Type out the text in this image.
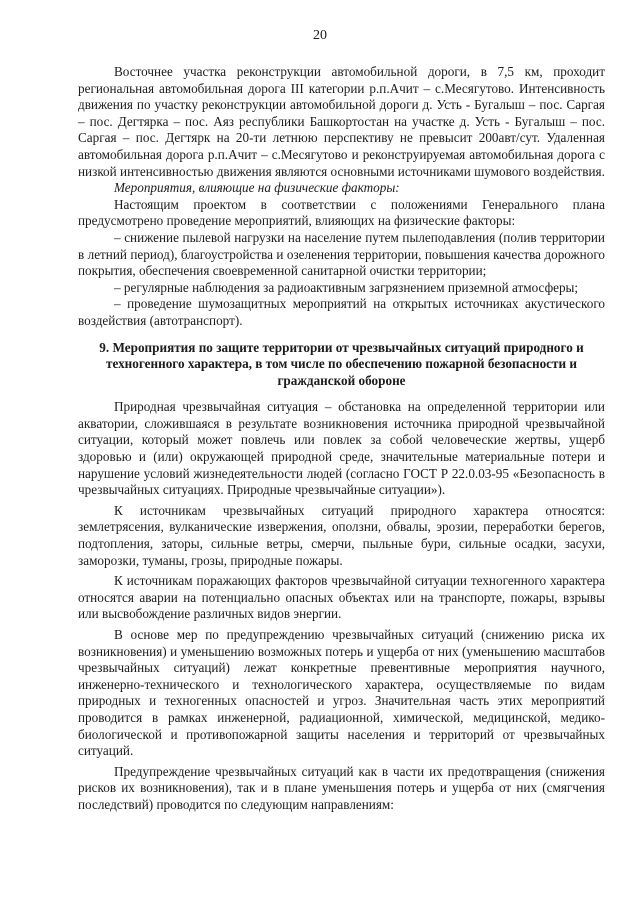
20

Восточнее участка реконструкции автомобильной дороги, в 7,5 км, проходит региональная автомобильная дорога III категории р.п.Ачит – с.Месягутово. Интенсивность движения по участку реконструкции автомобильной дороги д. Усть - Бугалыш – пос. Саргая – пос. Дегтярка – пос. Аяз республики Башкортостан на участке д. Усть - Бугалыш – пос. Саргая – пос. Дегтярк на 20-ти летнюю перспективу не превысит 200авт/сут. Удаленная автомобильная дорога р.п.Ачит – с.Месягутово и реконструируемая автомобильная дорога с низкой интенсивностью движения являются основными источниками шумового воздействия.

Мероприятия, влияющие на физические факторы:

Настоящим проектом в соответствии с положениями Генерального плана предусмотрено проведение мероприятий, влияющих на физические факторы:

– снижение пылевой нагрузки на население путем пылеподавления (полив территории в летний период), благоустройства и озеленения территории, повышения качества дорожного покрытия, обеспечения своевременной санитарной очистки территории;

– регулярные наблюдения за радиоактивным загрязнением приземной атмосферы;

– проведение шумозащитных мероприятий на открытых источниках акустического воздействия (автотранспорт).

9. Мероприятия по защите территории от чрезвычайных ситуаций природного и техногенного характера, в том числе по обеспечению пожарной безопасности и гражданской обороне

Природная чрезвычайная ситуация – обстановка на определенной территории или акватории, сложившаяся в результате возникновения источника природной чрезвычайной ситуации, который может повлечь или повлек за собой человеческие жертвы, ущерб здоровью и (или) окружающей природной среде, значительные материальные потери и нарушение условий жизнедеятельности людей (согласно ГОСТ Р 22.0.03-95 «Безопасность в чрезвычайных ситуациях. Природные чрезвычайные ситуации»).

К источникам чрезвычайных ситуаций природного характера относятся: землетрясения, вулканические извержения, оползни, обвалы, эрозии, переработки берегов, подтопления, заторы, сильные ветры, смерчи, пыльные бури, сильные осадки, засухи, заморозки, туманы, грозы, природные пожары.

К источникам поражающих факторов чрезвычайной ситуации техногенного характера относятся аварии на потенциально опасных объектах или на транспорте, пожары, взрывы или высвобождение различных видов энергии.

В основе мер по предупреждению чрезвычайных ситуаций (снижению риска их возникновения) и уменьшению возможных потерь и ущерба от них (уменьшению масштабов чрезвычайных ситуаций) лежат конкретные превентивные мероприятия научного, инженерно-технического и технологического характера, осуществляемые по видам природных и техногенных опасностей и угроз. Значительная часть этих мероприятий проводится в рамках инженерной, радиационной, химической, медицинской, медико-биологической и противопожарной защиты населения и территорий от чрезвычайных ситуаций.

Предупреждение чрезвычайных ситуаций как в части их предотвращения (снижения рисков их возникновения), так и в плане уменьшения потерь и ущерба от них (смягчения последствий) проводится по следующим направлениям:
